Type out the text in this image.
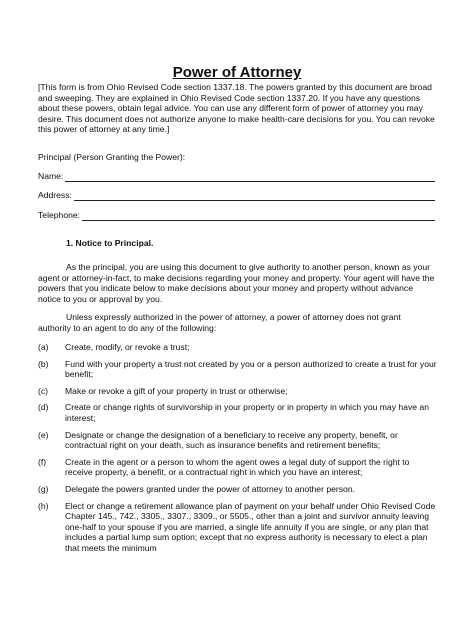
Power of Attorney

[This form is from Ohio Revised Code section 1337.18. The powers granted by this document are broad and sweeping. They are explained in Ohio Revised Code section 1337.20. If you have any questions about these powers, obtain legal advice. You can use any different form of power of attorney you may desire. This document does not authorize anyone to make health-care decisions for you. You can revoke this power of attorney at any time.]

Principal (Person Granting the Power):
Name:
Address:
Telephone:
1. Notice to Principal.

As the principal, you are using this document to give authority to another person, known as your agent or attorney-in-fact, to make decisions regarding your money and property. Your agent will have the powers that you indicate below to make decisions about your money and property without advance notice to you or approval by you.

Unless expressly authorized in the power of attorney, a power of attorney does not grant authority to an agent to do any of the following:

(a)	Create, modify, or revoke a trust;
(b)	Fund with your property a trust not created by you or a person authorized to create a trust for your benefit;
(c)	Make or revoke a gift of your property in trust or otherwise;
(d)	Create or change rights of survivorship in your property or in property in which you may have an interest;
(e)	Designate or change the designation of a beneficiary to receive any property, benefit, or contractual right on your death, such as insurance benefits and retirement benefits;
(f)	Create in the agent or a person to whom the agent owes a legal duty of support the right to receive property, a benefit, or a contractual right in which you have an interest;
(g)	Delegate the powers granted under the power of attorney to another person.
(h)	Elect or change a retirement allowance plan of payment on your behalf under Ohio Revised Code Chapter 145., 742., 3305., 3307., 3309., or 5505., other than a joint and survivor annuity leaving one-half to your spouse if you are married, a single life annuity if you are single, or any plan that includes a partial lump sum option; except that no express authority is necessary to elect a plan that meets the minimum
